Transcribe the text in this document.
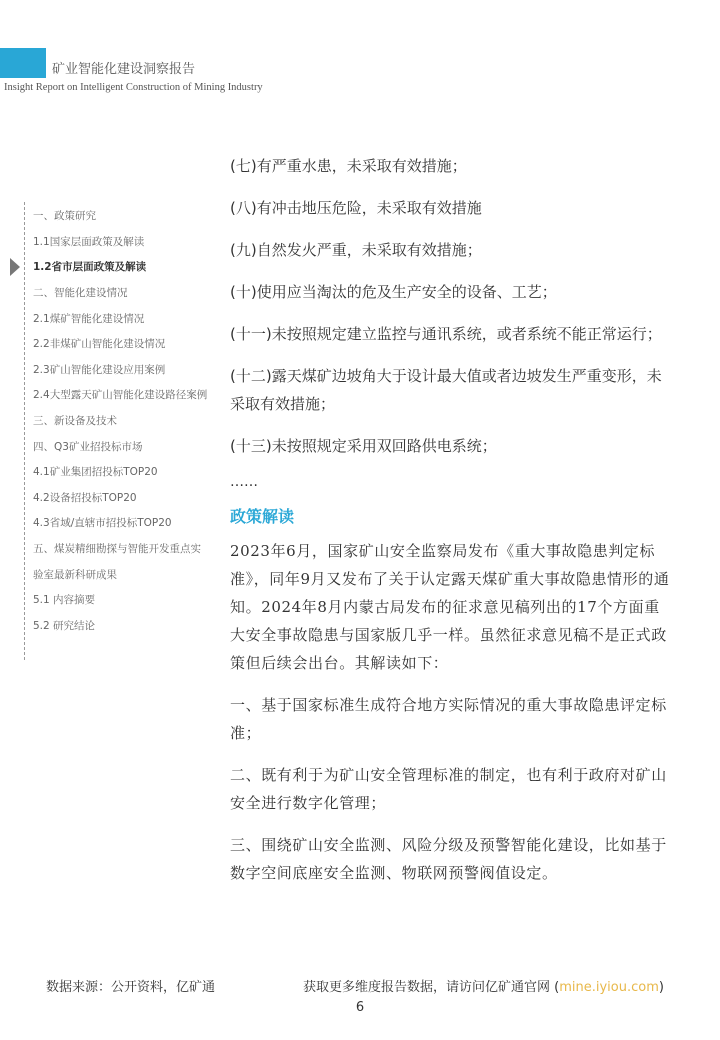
矿业智能化建设洞察报告
Insight Report on Intelligent Construction of Mining Industry
一、政策研究
1.1国家层面政策及解读
1.2省市层面政策及解读
二、智能化建设情况
2.1煤矿智能化建设情况
2.2非煤矿山智能化建设情况
2.3矿山智能化建设应用案例
2.4大型露天矿山智能化建设路径案例
三、新设备及技术
四、Q3矿业招投标市场
4.1矿业集团招投标TOP20
4.2设备招投标TOP20
4.3省域/直辖市招投标TOP20
五、煤炭精细勘探与智能开发重点实
验室最新科研成果
5.1 内容摘要
5.2 研究结论

(七)有严重水患，未采取有效措施；

(八)有冲击地压危险，未采取有效措施

(九)自然发火严重，未采取有效措施；

(十)使用应当淘汰的危及生产安全的设备、工艺；

(十一)未按照规定建立监控与通讯系统，或者系统不能正常运行；

(十二)露天煤矿边坡角大于设计最大值或者边坡发生严重变形，未采取有效措施；

(十三)未按照规定采用双回路供电系统；

……
政策解读

2023年6月，国家矿山安全监察局发布《重大事故隐患判定标准》，同年9月又发布了关于认定露天煤矿重大事故隐患情形的通知。2024年8月内蒙古局发布的征求意见稿列出的17个方面重大安全事故隐患与国家版几乎一样。虽然征求意见稿不是正式政策但后续会出台。其解读如下：

一、基于国家标准生成符合地方实际情况的重大事故隐患评定标准；

二、既有利于为矿山安全管理标准的制定，也有利于政府对矿山安全进行数字化管理；

三、围绕矿山安全监测、风险分级及预警智能化建设，比如基于数字空间底座安全监测、物联网预警阀值设定。

数据来源：公开资料，亿矿通	获取更多维度报告数据，请访问亿矿通官网 (mine.iyiou.com)
6
